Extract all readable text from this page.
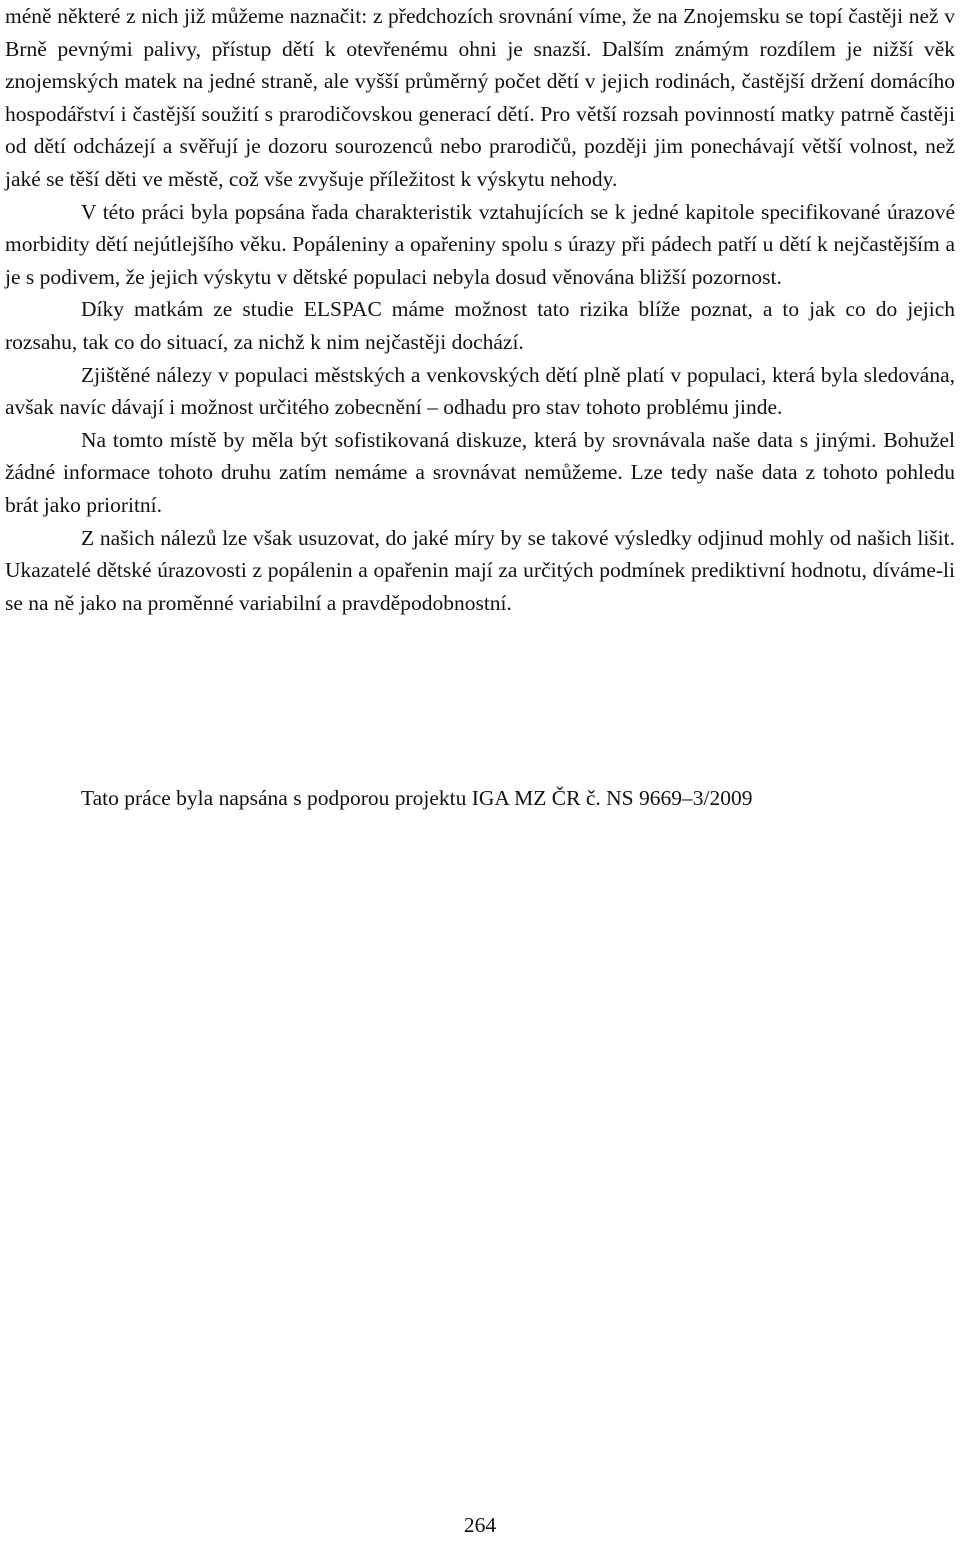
méně některé z nich již můžeme naznačit: z předchozích srovnání víme, že na Znojemsku se topí častěji než v Brně pevnými palivy, přístup dětí k otevřenému ohni je snazší. Dalším známým rozdílem je nižší věk znojemských matek na jedné straně, ale vyšší průměrný počet dětí v jejich rodinách, častější držení domácího hospodářství i častější soužití s prarodičovskou generací dětí. Pro větší rozsah povinností matky patrně častěji od dětí odcházejí a svěřují je dozoru sourozenců nebo prarodičů, později jim ponechávají větší volnost, než jaké se těší děti ve městě, což vše zvyšuje příležitost k výskytu nehody.

V této práci byla popsána řada charakteristik vztahujících se k jedné kapitole specifikované úrazové morbidity dětí nejútlejšího věku. Popáleniny a opařeniny spolu s úrazy při pádech patří u dětí k nejčastějším a je s podivem, že jejich výskytu v dětské populaci nebyla dosud věnována bližší pozornost.

Díky matkám ze studie ELSPAC máme možnost tato rizika blíže poznat, a to jak co do jejich rozsahu, tak co do situací, za nichž k nim nejčastěji dochází.

Zjištěné nálezy v populaci městských a venkovských dětí plně platí v populaci, která byla sledována, avšak navíc dávají i možnost určitého zobecnění – odhadu pro stav tohoto problému jinde.

Na tomto místě by měla být sofistikovaná diskuze, která by srovnávala naše data s jinými. Bohužel žádné informace tohoto druhu zatím nemáme a srovnávat nemůžeme. Lze tedy naše data z tohoto pohledu brát jako prioritní.

Z našich nálezů lze však usuzovat, do jaké míry by se takové výsledky odjinud mohly od našich lišit. Ukazatelé dětské úrazovosti z popálenin a opařenin mají za určitých podmínek prediktivní hodnotu, díváme-li se na ně jako na proměnné variabilní a pravděpodobnostní.

Tato práce byla napsána s podporou projektu IGA MZ ČR č. NS 9669–3/2009

264
